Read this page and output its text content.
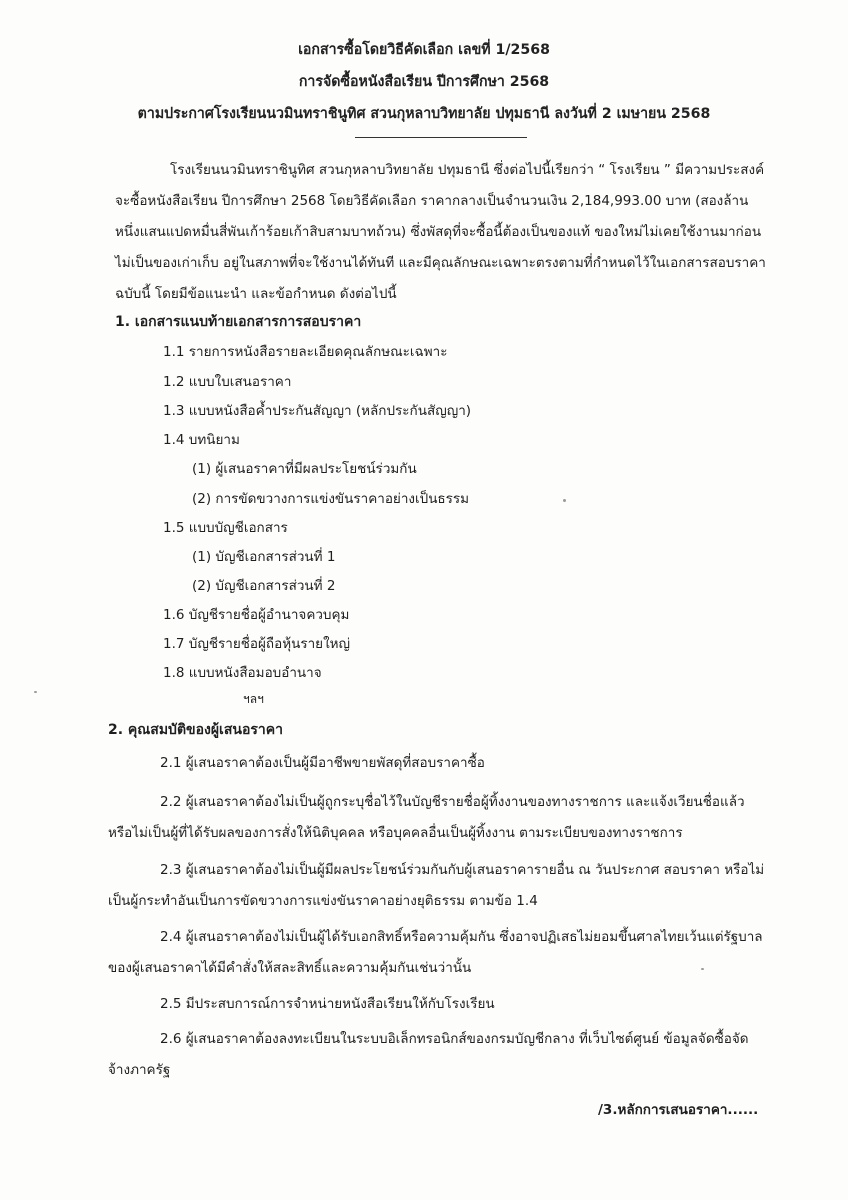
เอกสารซื้อโดยวิธีคัดเลือก เลขที่ 1/2568
การจัดซื้อหนังสือเรียน ปีการศึกษา 2568
ตามประกาศโรงเรียนนวมินทราชินูทิศ สวนกุหลาบวิทยาลัย ปทุมธานี ลงวันที่ 2 เมษายน 2568
โรงเรียนนวมินทราชินูทิศ สวนกุหลาบวิทยาลัย ปทุมธานี ซึ่งต่อไปนี้เรียกว่า “ โรงเรียน ” มีความประสงค์
จะซื้อหนังสือเรียน ปีการศึกษา 2568 โดยวิธีคัดเลือก ราคากลางเป็นจำนวนเงิน 2,184,993.00 บาท (สองล้าน
หนึ่งแสนแปดหมื่นสี่พันเก้าร้อยเก้าสิบสามบาทถ้วน) ซึ่งพัสดุที่จะซื้อนี้ต้องเป็นของแท้ ของใหม่ไม่เคยใช้งานมาก่อน
ไม่เป็นของเก่าเก็บ อยู่ในสภาพที่จะใช้งานได้ทันที และมีคุณลักษณะเฉพาะตรงตามที่กำหนดไว้ในเอกสารสอบราคา
ฉบับนี้ โดยมีข้อแนะนำ และข้อกำหนด ดังต่อไปนี้
1. เอกสารแนบท้ายเอกสารการสอบราคา
1.1 รายการหนังสือรายละเอียดคุณลักษณะเฉพาะ
1.2 แบบใบเสนอราคา
1.3 แบบหนังสือค้ำประกันสัญญา (หลักประกันสัญญา)
1.4 บทนิยาม
(1) ผู้เสนอราคาที่มีผลประโยชน์ร่วมกัน
(2) การขัดขวางการแข่งขันราคาอย่างเป็นธรรม
1.5 แบบบัญชีเอกสาร
(1) บัญชีเอกสารส่วนที่ 1
(2) บัญชีเอกสารส่วนที่ 2
1.6 บัญชีรายชื่อผู้อำนาจควบคุม
1.7 บัญชีรายชื่อผู้ถือหุ้นรายใหญ่
1.8 แบบหนังสือมอบอำนาจ
ฯลฯ
2. คุณสมบัติของผู้เสนอราคา
2.1 ผู้เสนอราคาต้องเป็นผู้มีอาชีพขายพัสดุที่สอบราคาซื้อ
2.2 ผู้เสนอราคาต้องไม่เป็นผู้ถูกระบุชื่อไว้ในบัญชีรายชื่อผู้ทิ้งงานของทางราชการ และแจ้งเวียนชื่อแล้ว
หรือไม่เป็นผู้ที่ได้รับผลของการสั่งให้นิติบุคคล หรือบุคคลอื่นเป็นผู้ทิ้งงาน ตามระเบียบของทางราชการ
2.3 ผู้เสนอราคาต้องไม่เป็นผู้มีผลประโยชน์ร่วมกันกับผู้เสนอราคารายอื่น ณ วันประกาศ สอบราคา หรือไม่
เป็นผู้กระทำอันเป็นการขัดขวางการแข่งขันราคาอย่างยุติธรรม ตามข้อ 1.4
2.4 ผู้เสนอราคาต้องไม่เป็นผู้ได้รับเอกสิทธิ์หรือความคุ้มกัน ซึ่งอาจปฏิเสธไม่ยอมขึ้นศาลไทยเว้นแต่รัฐบาล
ของผู้เสนอราคาได้มีคำสั่งให้สละสิทธิ์และความคุ้มกันเช่นว่านั้น
2.5 มีประสบการณ์การจำหน่ายหนังสือเรียนให้กับโรงเรียน
2.6 ผู้เสนอราคาต้องลงทะเบียนในระบบอิเล็กทรอนิกส์ของกรมบัญชีกลาง ที่เว็บไซต์ศูนย์ ข้อมูลจัดซื้อจัด
จ้างภาครัฐ
/3.หลักการเสนอราคา......
